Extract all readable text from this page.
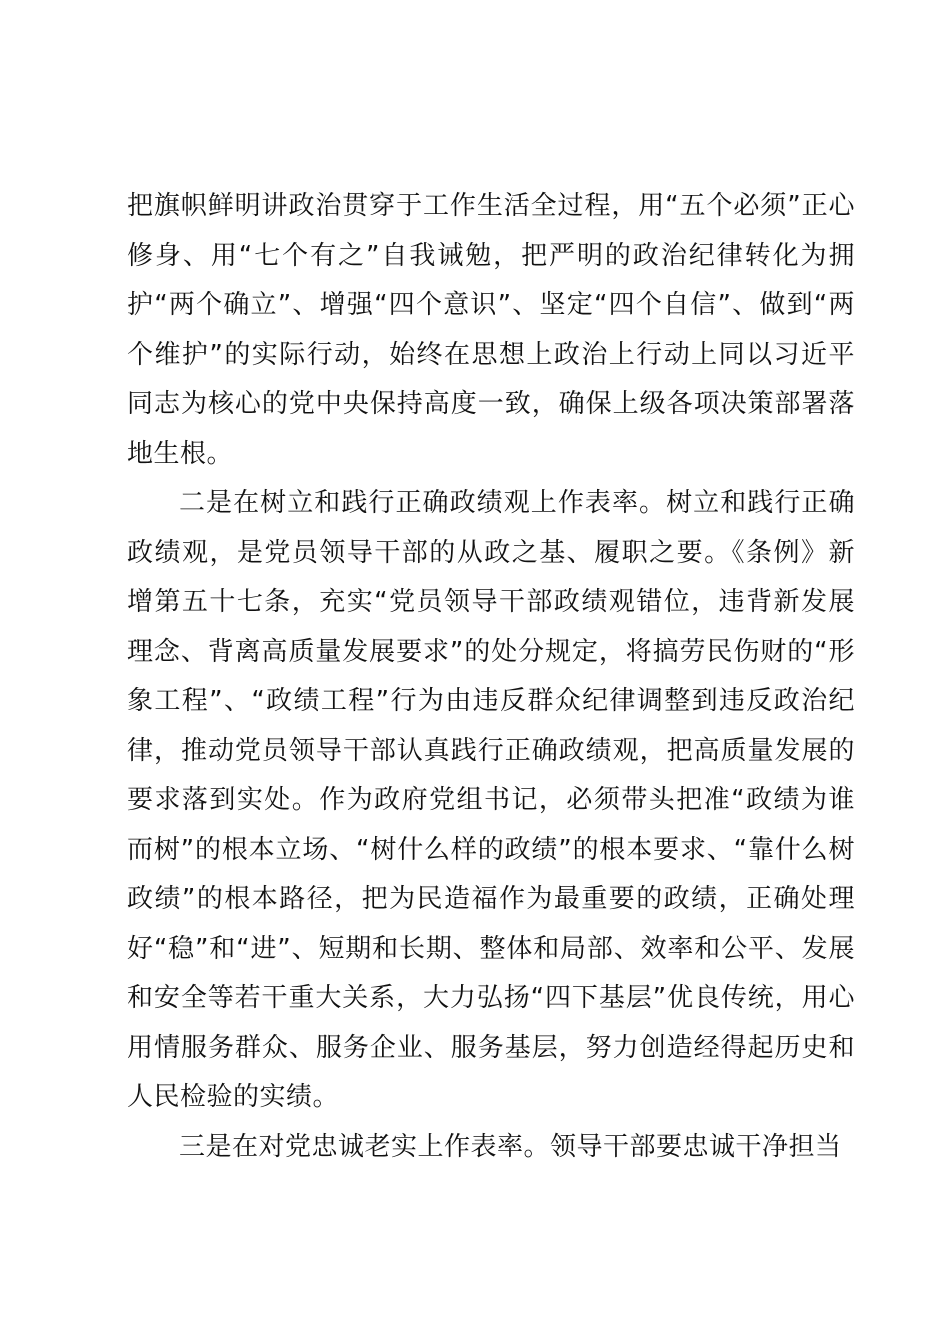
把旗帜鲜明讲政治贯穿于工作生活全过程，用“五个必须”正心修身、用“七个有之”自我诫勉，把严明的政治纪律转化为拥护“两个确立”、增强“四个意识”、坚定“四个自信”、做到“两个维护”的实际行动，始终在思想上政治上行动上同以习近平同志为核心的党中央保持高度一致，确保上级各项决策部署落地生根。

二是在树立和践行正确政绩观上作表率。树立和践行正确政绩观，是党员领导干部的从政之基、履职之要。《条例》新增第五十七条，充实“党员领导干部政绩观错位，违背新发展理念、背离高质量发展要求”的处分规定，将搞劳民伤财的“形象工程”、“政绩工程”行为由违反群众纪律调整到违反政治纪律，推动党员领导干部认真践行正确政绩观，把高质量发展的要求落到实处。作为政府党组书记，必须带头把准“政绩为谁而树”的根本立场、“树什么样的政绩”的根本要求、“靠什么树政绩”的根本路径，把为民造福作为最重要的政绩，正确处理好“稳”和“进”、短期和长期、整体和局部、效率和公平、发展和安全等若干重大关系，大力弘扬“四下基层”优良传统，用心用情服务群众、服务企业、服务基层，努力创造经得起历史和人民检验的实绩。

三是在对党忠诚老实上作表率。领导干部要忠诚干净担当
